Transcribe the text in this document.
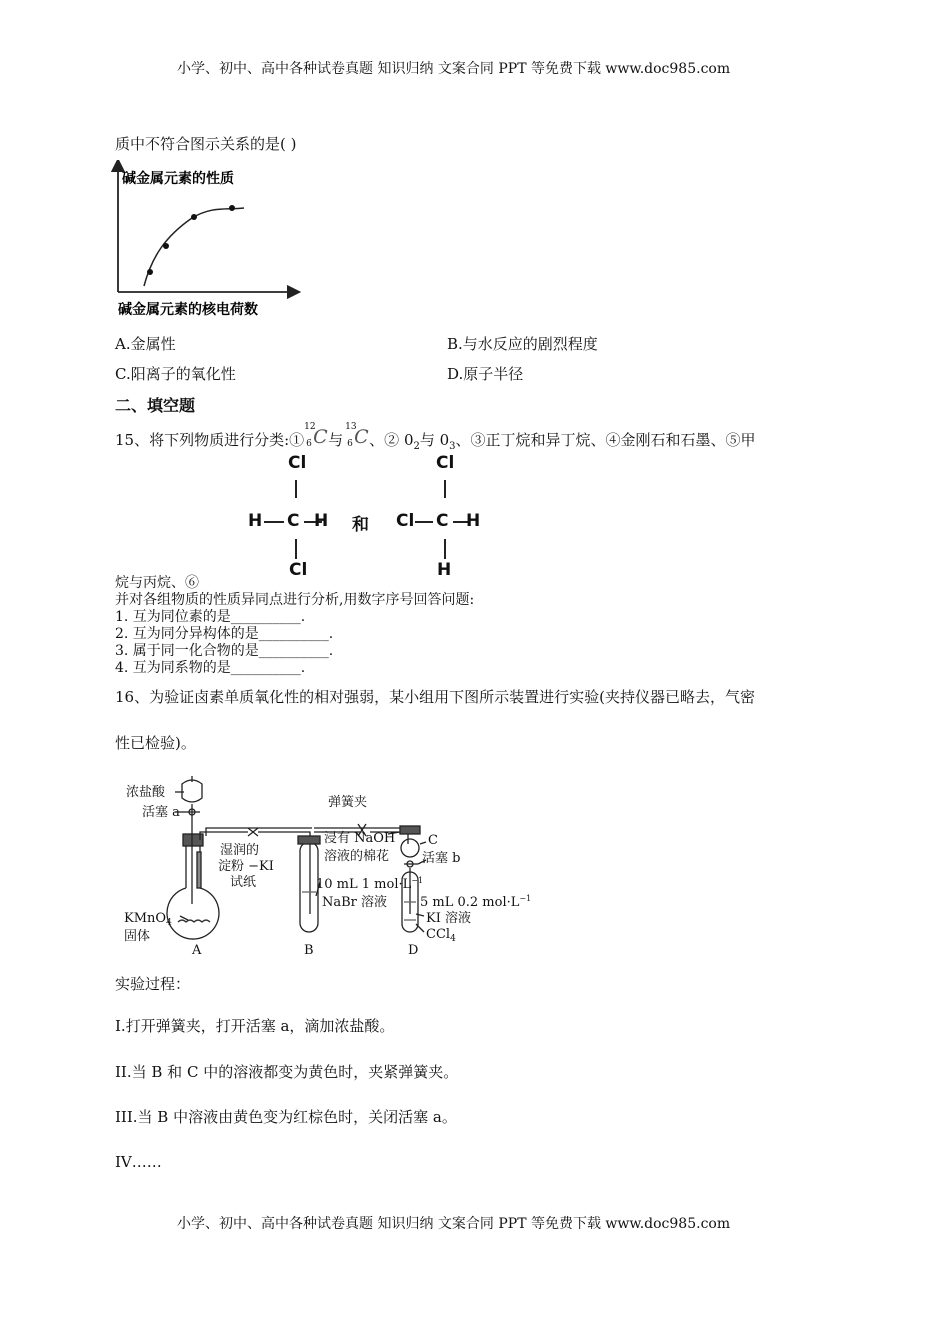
小学、初中、高中各种试卷真题 知识归纳 文案合同 PPT 等免费下载 www.doc985.com
质中不符合图示关系的是( )
碱金属元素的性质
碱金属元素的核电荷数
A.金属性	B.与水反应的剧烈程度
C.阳离子的氧化性	D.原子半径
二、填空题
15、将下列物质进行分类:①
12
6 C 与
13
6 C 、② $0_2$与 $0_3$、③正丁烷和异丁烷、④金刚石和石墨、⑤甲
Cl
H C H
Cl
和
Cl
Cl C H
H
烷与丙烷、⑥
并对各组物质的性质异同点进行分析,用数字序号回答问题:
1. 互为同位素的是__________.
2. 互为同分异构体的是__________.
3. 属于同一化合物的是__________.
4. 互为同系物的是__________.
16、为验证卤素单质氧化性的相对强弱，某小组用下图所示装置进行实验(夹持仪器已略去，气密
性已检验)。
浓盐酸
活塞 a
湿润的
淀粉 −KI
试纸
KMnO$_4$
固体
A
弹簧夹
浸有 NaOH
溶液的棉花
10 mL 1 $mol\cdot L^{-1}$
NaBr 溶液
B
C
活塞 b
5 mL 0.2 $mol\cdot L^{-1}$
KI 溶液
CCl$_4$
D
实验过程：
I.打开弹簧夹，打开活塞 a，滴加浓盐酸。
II.当 B 和 C 中的溶液都变为黄色时，夹紧弹簧夹。
III.当 B 中溶液由黄色变为红棕色时，关闭活塞 a。
IV……
小学、初中、高中各种试卷真题 知识归纳 文案合同 PPT 等免费下载 www.doc985.com
